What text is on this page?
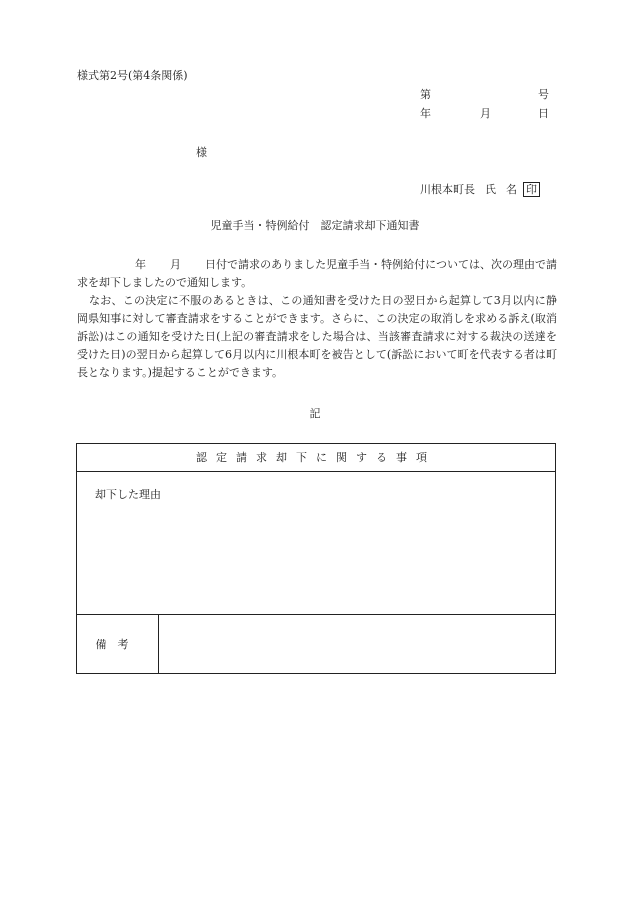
様式第2号(第4条関係)
第	号
年	月	日
様
川根本町長 氏 名 印
児童手当・特例給付　認定請求却下通知書
年 月 日付で請求のありました児童手当・特例給付については、次の理由で請求を却下しましたので通知します。
なお、この決定に不服のあるときは、この通知書を受けた日の翌日から起算して3月以内に静岡県知事に対して審査請求をすることができます。さらに、この決定の取消しを求める訴え(取消訴訟)はこの通知を受けた日(上記の審査請求をした場合は、当該審査請求に対する裁決の送達を受けた日)の翌日から起算して6月以内に川根本町を被告として(訴訟において町を代表する者は町長となります。)提起することができます。
記
認定請求却下に関する事項
却下した理由
備考
